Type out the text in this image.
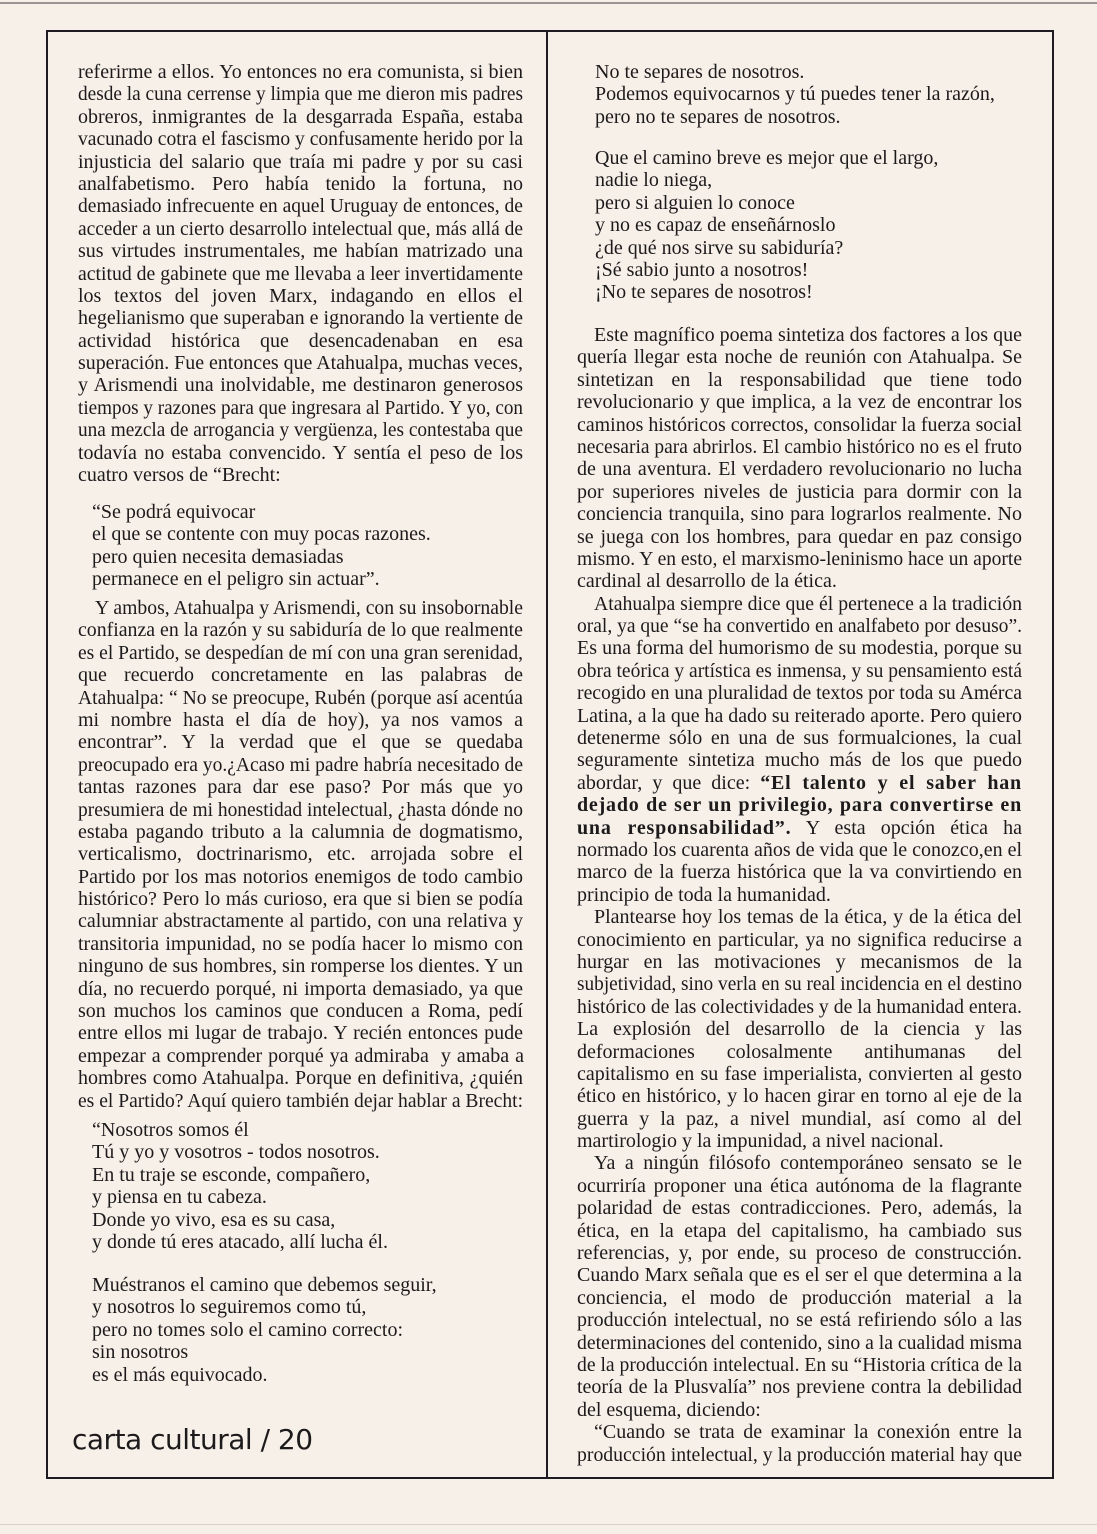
referirme a ellos. Yo entonces no era comunista, si bien
desde la cuna cerrense y limpia que me dieron mis padres
obreros, inmigrantes de la desgarrada España, estaba
vacunado cotra el fascismo y confusamente herido por la
injusticia del salario que traía mi padre y por su casi
analfabetismo. Pero había tenido la fortuna, no
demasiado infrecuente en aquel Uruguay de entonces, de
acceder a un cierto desarrollo intelectual que, más allá de
sus virtudes instrumentales, me habían matrizado una
actitud de gabinete que me llevaba a leer invertidamente
los textos del joven Marx, indagando en ellos el
hegelianismo que superaban e ignorando la vertiente de
actividad histórica que desencadenaban en esa
superación. Fue entonces que Atahualpa, muchas veces,
y Arismendi una inolvidable, me destinaron generosos
tiempos y razones para que ingresara al Partido. Y yo, con
una mezcla de arrogancia y vergüenza, les contestaba que
todavía no estaba convencido. Y sentía el peso de los
cuatro versos de “Brecht:
“Se podrá equivocar
el que se contente con muy pocas razones.
pero quien necesita demasiadas
permanece en el peligro sin actuar”.
Y ambos, Atahualpa y Arismendi, con su insobornable
confianza en la razón y su sabiduría de lo que realmente
es el Partido, se despedían de mí con una gran serenidad,
que recuerdo concretamente en las palabras de
Atahualpa: “ No se preocupe, Rubén (porque así acentúa
mi nombre hasta el día de hoy), ya nos vamos a
encontrar”. Y la verdad que el que se quedaba
preocupado era yo.¿Acaso mi padre habría necesitado de
tantas razones para dar ese paso? Por más que yo
presumiera de mi honestidad intelectual, ¿hasta dónde no
estaba pagando tributo a la calumnia de dogmatismo,
verticalismo, doctrinarismo, etc. arrojada sobre el
Partido por los mas notorios enemigos de todo cambio
histórico? Pero lo más curioso, era que si bien se podía
calumniar abstractamente al partido, con una relativa y
transitoria impunidad, no se podía hacer lo mismo con
ninguno de sus hombres, sin romperse los dientes. Y un
día, no recuerdo porqué, ni importa demasiado, ya que
son muchos los caminos que conducen a Roma, pedí
entre ellos mi lugar de trabajo. Y recién entonces pude
empezar a comprender porqué ya admiraba  y amaba a
hombres como Atahualpa. Porque en definitiva, ¿quién
es el Partido? Aquí quiero también dejar hablar a Brecht:
“Nosotros somos él
Tú y yo y vosotros - todos nosotros.
En tu traje se esconde, compañero,
y piensa en tu cabeza.
Donde yo vivo, esa es su casa,
y donde tú eres atacado, allí lucha él.
Muéstranos el camino que debemos seguir,
y nosotros lo seguiremos como tú,
pero no tomes solo el camino correcto:
sin nosotros
es el más equivocado.
No te separes de nosotros.
Podemos equivocarnos y tú puedes tener la razón,
pero no te separes de nosotros.
Que el camino breve es mejor que el largo,
nadie lo niega,
pero si alguien lo conoce
y no es capaz de enseñárnoslo
¿de qué nos sirve su sabiduría?
¡Sé sabio junto a nosotros!
¡No te separes de nosotros!
Este magnífico poema sintetiza dos factores a los que
quería llegar esta noche de reunión con Atahualpa. Se
sintetizan en la responsabilidad que tiene todo
revolucionario y que implica, a la vez de encontrar los
caminos históricos correctos, consolidar la fuerza social
necesaria para abrirlos. El cambio histórico no es el fruto
de una aventura. El verdadero revolucionario no lucha
por superiores niveles de justicia para dormir con la
conciencia tranquila, sino para lograrlos realmente. No
se juega con los hombres, para quedar en paz consigo
mismo. Y en esto, el marxismo-leninismo hace un aporte
cardinal al desarrollo de la ética.
Atahualpa siempre dice que él pertenece a la tradición
oral, ya que “se ha convertido en analfabeto por desuso”.
Es una forma del humorismo de su modestia, porque su
obra teórica y artística es inmensa, y su pensamiento está
recogido en una pluralidad de textos por toda su Amérca
Latina, a la que ha dado su reiterado aporte. Pero quiero
detenerme sólo en una de sus formualciones, la cual
seguramente sintetiza mucho más de los que puedo
abordar, y que dice: “El talento y el saber han
dejado de ser un privilegio, para convertirse en
una responsabilidad”. Y esta opción ética ha
normado los cuarenta años de vida que le conozco,en el
marco de la fuerza histórica que la va convirtiendo en
principio de toda la humanidad.
Plantearse hoy los temas de la ética, y de la ética del
conocimiento en particular, ya no significa reducirse a
hurgar en las motivaciones y mecanismos de la
subjetividad, sino verla en su real incidencia en el destino
histórico de las colectividades y de la humanidad entera.
La explosión del desarrollo de la ciencia y las
deformaciones colosalmente antihumanas del
capitalismo en su fase imperialista, convierten al gesto
ético en histórico, y lo hacen girar en torno al eje de la
guerra y la paz, a nivel mundial, así como al del
martirologio y la impunidad, a nivel nacional.
Ya a ningún filósofo contemporáneo sensato se le
ocurriría proponer una ética autónoma de la flagrante
polaridad de estas contradicciones. Pero, además, la
ética, en la etapa del capitalismo, ha cambiado sus
referencias, y, por ende, su proceso de construcción.
Cuando Marx señala que es el ser el que determina a la
conciencia, el modo de producción material a la
producción intelectual, no se está refiriendo sólo a las
determinaciones del contenido, sino a la cualidad misma
de la producción intelectual. En su “Historia crítica de la
teoría de la Plusvalía” nos previene contra la debilidad
del esquema, diciendo:
“Cuando se trata de examinar la conexión entre la
producción intelectual, y la producción material hay que
carta cultural / 20
